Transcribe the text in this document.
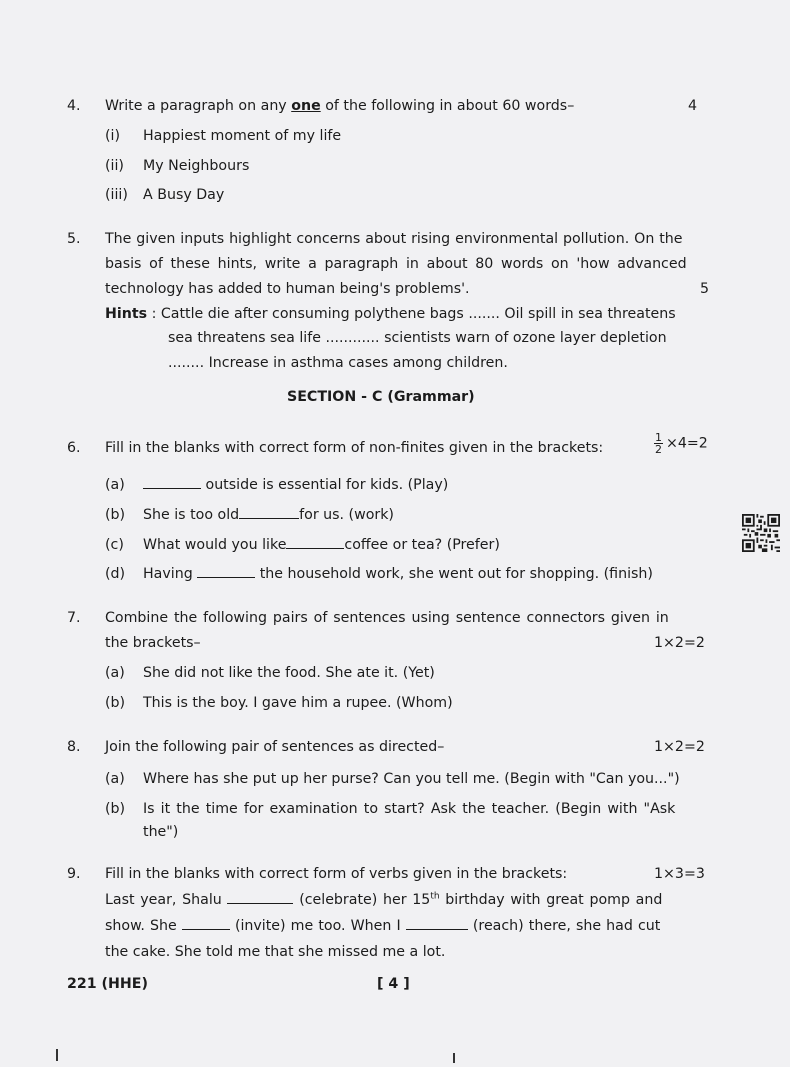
4. Write a paragraph on any one of the following in about 60 words–	4
(i) Happiest moment of my life
(ii) My Neighbours
(iii) A Busy Day
5. The given inputs highlight concerns about rising environmental pollution. On the
basis of these hints, write a paragraph in about 80 words on 'how advanced
technology has added to human being's problems'.	5
Hints : Cattle die after consuming polythene bags ....... Oil spill in sea threatens
sea threatens sea life ............ scientists warn of ozone layer depletion
........ Increase in asthma cases among children.
SECTION - C (Grammar)
6. Fill in the blanks with correct form of non-finites given in the brackets:	$\frac{1}{2} \times 4=2$
(a)	outside is essential for kids. (Play)
(b) She is too old	for us. (work)
(c) What would you like	coffee or tea? (Prefer)
(d) Having	the household work, she went out for shopping. (finish)
7. Combine the following pairs of sentences using sentence connectors given in
the brackets–	1×2=2
(a) She did not like the food. She ate it. (Yet)
(b) This is the boy. I gave him a rupee. (Whom)
8. Join the following pair of sentences as directed–	1×2=2
(a) Where has she put up her purse? Can you tell me. (Begin with "Can you...")
(b) Is it the time for examination to start? Ask the teacher. (Begin with "Ask
the")
9. Fill in the blanks with correct form of verbs given in the brackets:	1×3=3
Last year, Shalu	(celebrate) her 15th birthday with great pomp and
show. She	(invite) me too. When I	(reach) there, she had cut
the cake. She told me that she missed me a lot.
221 (HHE)	[ 4 ]
